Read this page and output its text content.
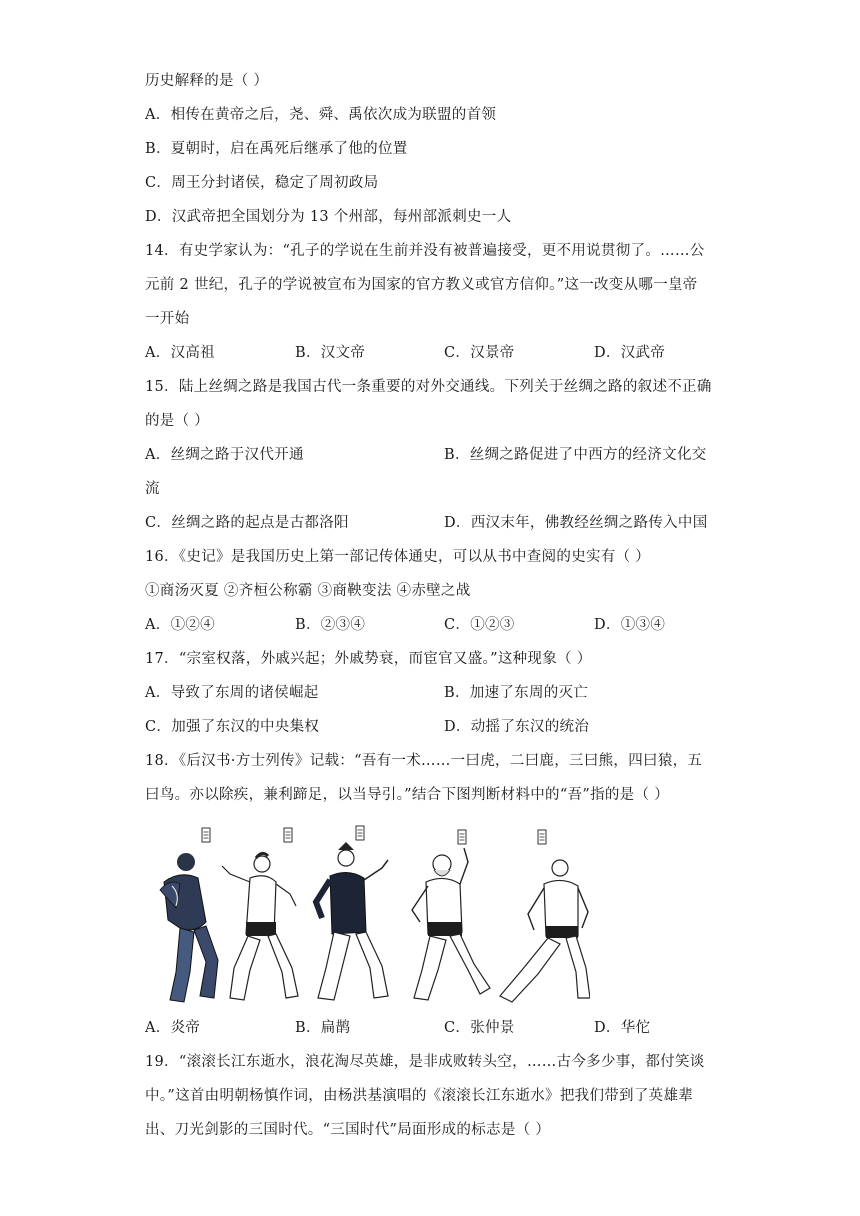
历史解释的是（ ）
A．相传在黄帝之后，尧、舜、禹依次成为联盟的首领
B．夏朝时，启在禹死后继承了他的位置
C．周王分封诸侯，稳定了周初政局
D．汉武帝把全国划分为 13 个州部，每州部派刺史一人
14．有史学家认为：“孔子的学说在生前并没有被普遍接受，更不用说贯彻了。……公
元前 2 世纪，孔子的学说被宣布为国家的官方教义或官方信仰。”这一改变从哪一皇帝
一开始
A．汉高祖	B．汉文帝	C．汉景帝	D．汉武帝
15．陆上丝绸之路是我国古代一条重要的对外交通线。下列关于丝绸之路的叙述不正确
的是（ ）
A．丝绸之路于汉代开通	B．丝绸之路促进了中西方的经济文化交
流
C．丝绸之路的起点是古都洛阳	D．西汉末年，佛教经丝绸之路传入中国
16．《史记》是我国历史上第一部记传体通史，可以从书中查阅的史实有（ ）
①商汤灭夏 ②齐桓公称霸 ③商鞅变法 ④赤壁之战
A．①②④	B．②③④	C．①②③	D．①③④
17．“宗室权落，外戚兴起；外戚势衰，而宦官又盛。”这种现象（ ）
A．导致了东周的诸侯崛起	B．加速了东周的灭亡
C．加强了东汉的中央集权	D．动摇了东汉的统治
18．《后汉书·方士列传》记载：“吾有一术……一曰虎，二曰鹿，三曰熊，四曰猿，五
曰鸟。亦以除疾，兼利蹄足，以当导引。”结合下图判断材料中的“吾”指的是（ ）
A．炎帝	B．扁鹊	C．张仲景	D．华佗
19．“滚滚长江东逝水，浪花淘尽英雄，是非成败转头空，……古今多少事，都付笑谈
中。”这首由明朝杨慎作词，由杨洪基演唱的《滚滚长江东逝水》把我们带到了英雄辈
出、刀光剑影的三国时代。“三国时代”局面形成的标志是（ ）
